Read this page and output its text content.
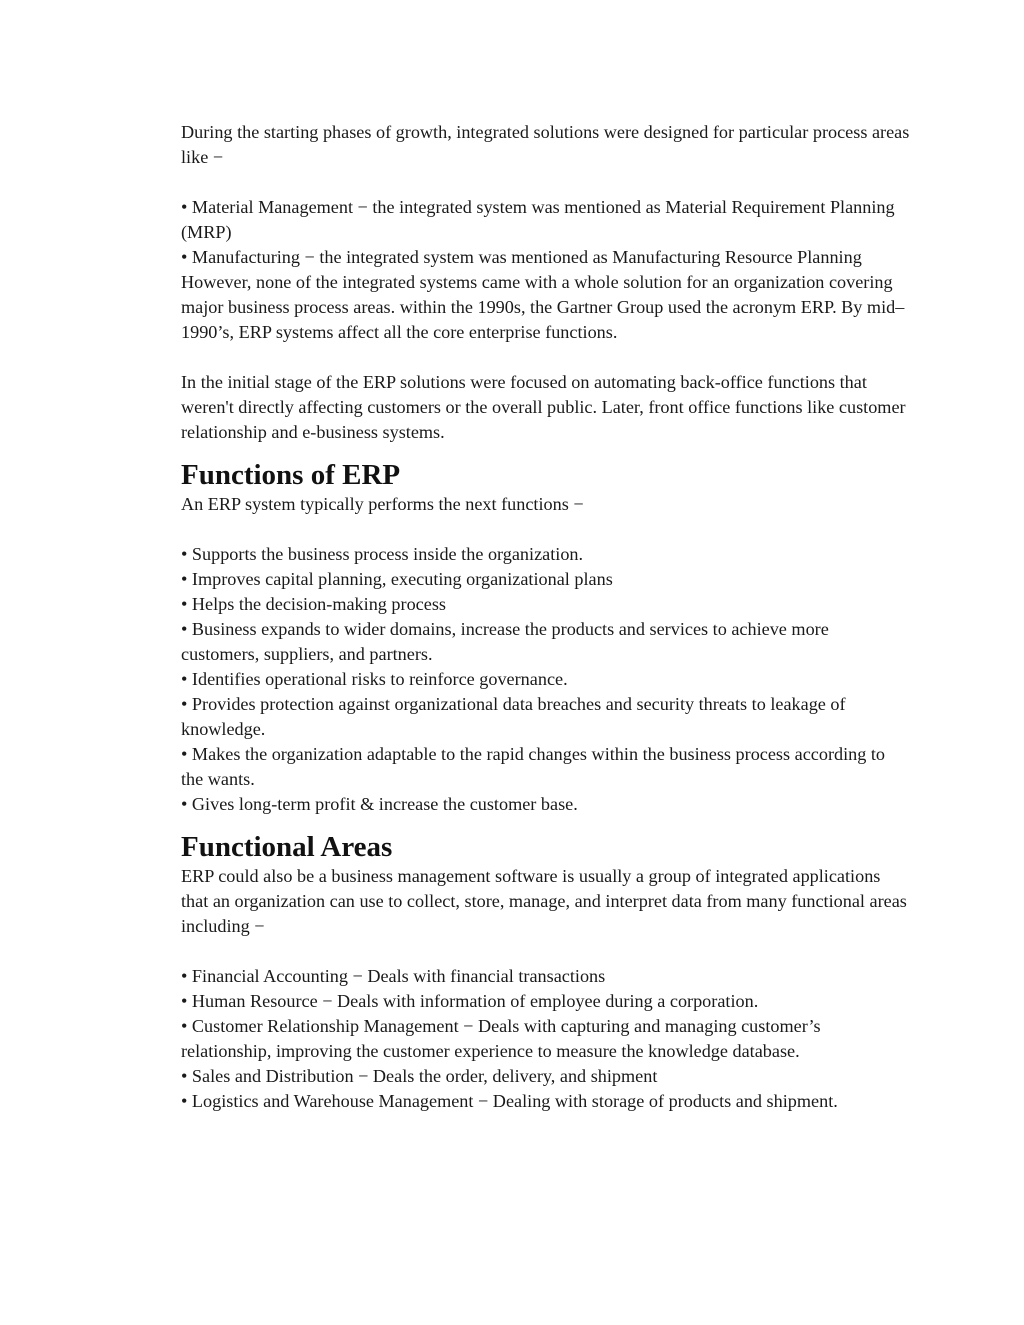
During the starting phases of growth, integrated solutions were designed for particular process areas like −

• Material Management − the integrated system was mentioned as Material Requirement Planning (MRP)

• Manufacturing − the integrated system was mentioned as Manufacturing Resource Planning

However, none of the integrated systems came with a whole solution for an organization covering major business process areas. within the 1990s, the Gartner Group used the acronym ERP. By mid–1990’s, ERP systems affect all the core enterprise functions.

In the initial stage of the ERP solutions were focused on automating back-office functions that weren't directly affecting customers or the overall public. Later, front office functions like customer relationship and e-business systems.

Functions of ERP

An ERP system typically performs the next functions −

• Supports the business process inside the organization.

• Improves capital planning, executing organizational plans

• Helps the decision-making process

• Business expands to wider domains, increase the products and services to achieve more customers, suppliers, and partners.

• Identifies operational risks to reinforce governance.

• Provides protection against organizational data breaches and security threats to leakage of knowledge.

• Makes the organization adaptable to the rapid changes within the business process according to the wants.

• Gives long-term profit & increase the customer base.

Functional Areas

ERP could also be a business management software is usually a group of integrated applications that an organization can use to collect, store, manage, and interpret data from many functional areas including −

• Financial Accounting − Deals with financial transactions

• Human Resource − Deals with information of employee during a corporation.

• Customer Relationship Management − Deals with capturing and managing customer’s relationship, improving the customer experience to measure the knowledge database.

• Sales and Distribution − Deals the order, delivery, and shipment

• Logistics and Warehouse Management − Dealing with storage of products and shipment.
